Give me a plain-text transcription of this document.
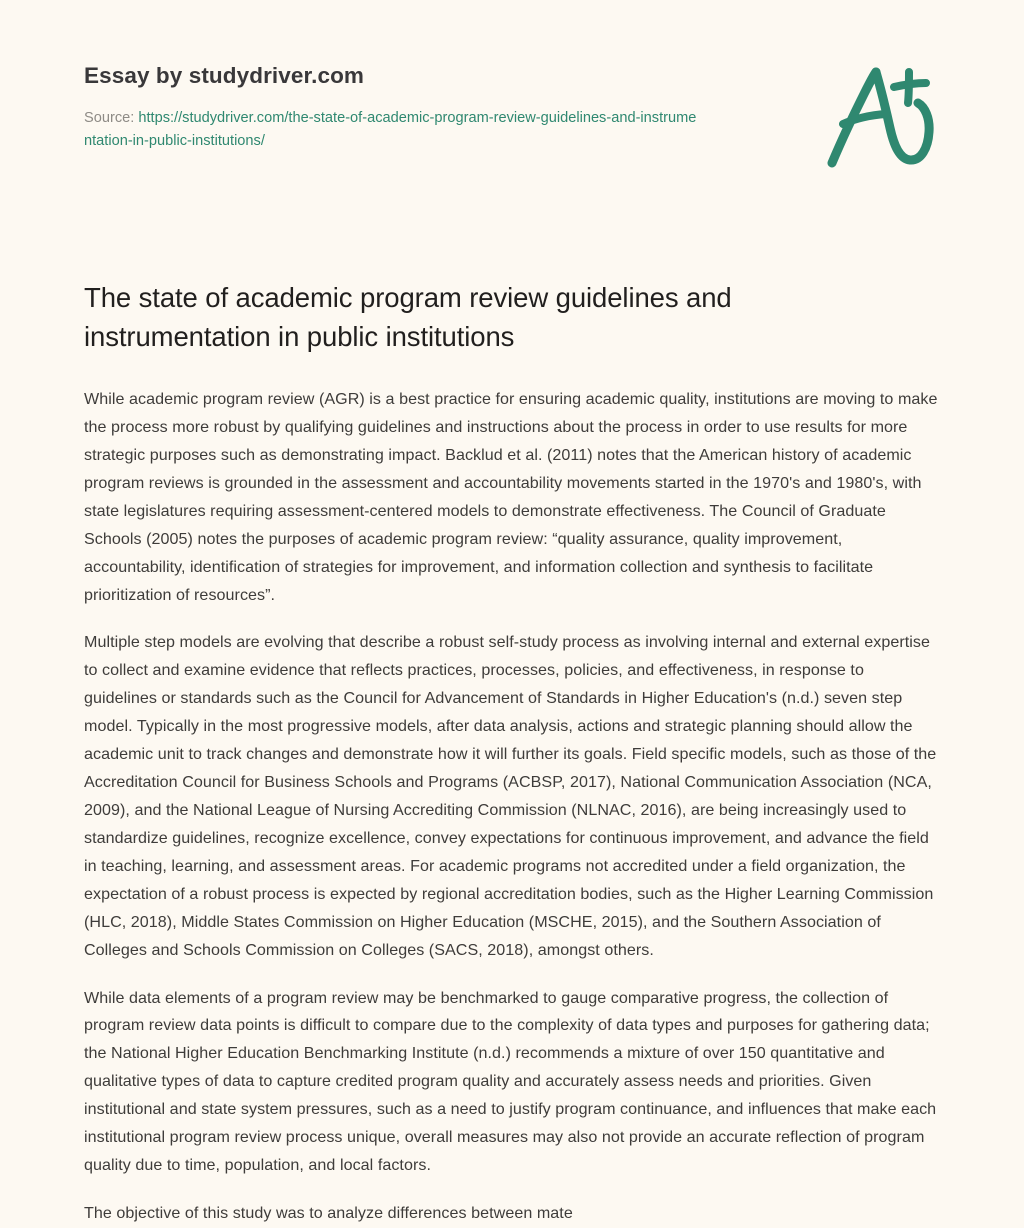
Essay by studydriver.com
Source: https://studydriver.com/the-state-of-academic-program-review-guidelines-and-instrumentation-in-public-institutions/
The state of academic program review guidelines and instrumentation in public institutions

While academic program review (AGR) is a best practice for ensuring academic quality, institutions are moving to make the process more robust by qualifying guidelines and instructions about the process in order to use results for more strategic purposes such as demonstrating impact. Backlud et al. (2011) notes that the American history of academic program reviews is grounded in the assessment and accountability movements started in the 1970's and 1980's, with state legislatures requiring assessment-centered models to demonstrate effectiveness. The Council of Graduate Schools (2005) notes the purposes of academic program review: “quality assurance, quality improvement, accountability, identification of strategies for improvement, and information collection and synthesis to facilitate prioritization of resources”.

Multiple step models are evolving that describe a robust self-study process as involving internal and external expertise to collect and examine evidence that reflects practices, processes, policies, and effectiveness, in response to guidelines or standards such as the Council for Advancement of Standards in Higher Education's (n.d.) seven step model. Typically in the most progressive models, after data analysis, actions and strategic planning should allow the academic unit to track changes and demonstrate how it will further its goals. Field specific models, such as those of the Accreditation Council for Business Schools and Programs (ACBSP, 2017), National Communication Association (NCA, 2009), and the National League of Nursing Accrediting Commission (NLNAC, 2016), are being increasingly used to standardize guidelines, recognize excellence, convey expectations for continuous improvement, and advance the field in teaching, learning, and assessment areas. For academic programs not accredited under a field organization, the expectation of a robust process is expected by regional accreditation bodies, such as the Higher Learning Commission (HLC, 2018), Middle States Commission on Higher Education (MSCHE, 2015), and the Southern Association of Colleges and Schools Commission on Colleges (SACS, 2018), amongst others.

While data elements of a program review may be benchmarked to gauge comparative progress, the collection of program review data points is difficult to compare due to the complexity of data types and purposes for gathering data; the National Higher Education Benchmarking Institute (n.d.) recommends a mixture of over 150 quantitative and qualitative types of data to capture credited program quality and accurately assess needs and priorities. Given institutional and state system pressures, such as a need to justify program continuance, and influences that make each institutional program review process unique, overall measures may also not provide an accurate reflection of program quality due to time, population, and local factors.

The objective of this study was to analyze differences between mate
